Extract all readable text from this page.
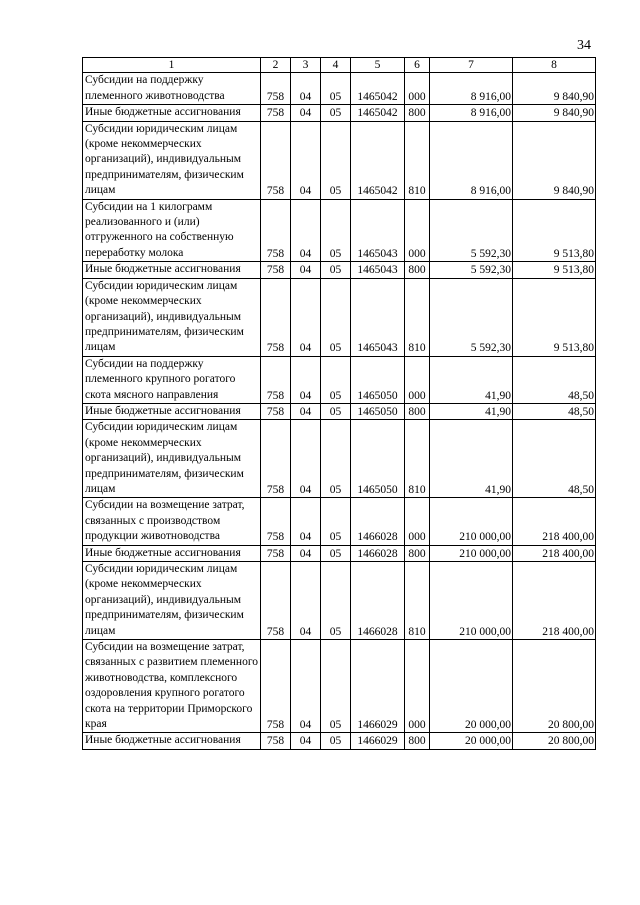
34
1	2	3	4	5	6	7	8
Субсидии на поддержку племенного животноводства	758	04	05	1465042	000	8 916,00	9 840,90
Иные бюджетные ассигнования	758	04	05	1465042	800	8 916,00	9 840,90
Субсидии юридическим лицам (кроме некоммерческих организаций), индивидуальным предпринимателям, физическим лицам	758	04	05	1465042	810	8 916,00	9 840,90
Субсидии на 1 килограмм реализованного и (или) отгруженного на собственную переработку молока	758	04	05	1465043	000	5 592,30	9 513,80
Иные бюджетные ассигнования	758	04	05	1465043	800	5 592,30	9 513,80
Субсидии юридическим лицам (кроме некоммерческих организаций), индивидуальным предпринимателям, физическим лицам	758	04	05	1465043	810	5 592,30	9 513,80
Субсидии на поддержку племенного крупного рогатого скота мясного направления	758	04	05	1465050	000	41,90	48,50
Иные бюджетные ассигнования	758	04	05	1465050	800	41,90	48,50
Субсидии юридическим лицам (кроме некоммерческих организаций), индивидуальным предпринимателям, физическим лицам	758	04	05	1465050	810	41,90	48,50
Субсидии на возмещение затрат, связанных с производством продукции животноводства	758	04	05	1466028	000	210 000,00	218 400,00
Иные бюджетные ассигнования	758	04	05	1466028	800	210 000,00	218 400,00
Субсидии юридическим лицам (кроме некоммерческих организаций), индивидуальным предпринимателям, физическим лицам	758	04	05	1466028	810	210 000,00	218 400,00
Субсидии на возмещение затрат, связанных с развитием племенного животноводства, комплексного оздоровления крупного рогатого скота на территории Приморского края	758	04	05	1466029	000	20 000,00	20 800,00
Иные бюджетные ассигнования	758	04	05	1466029	800	20 000,00	20 800,00
